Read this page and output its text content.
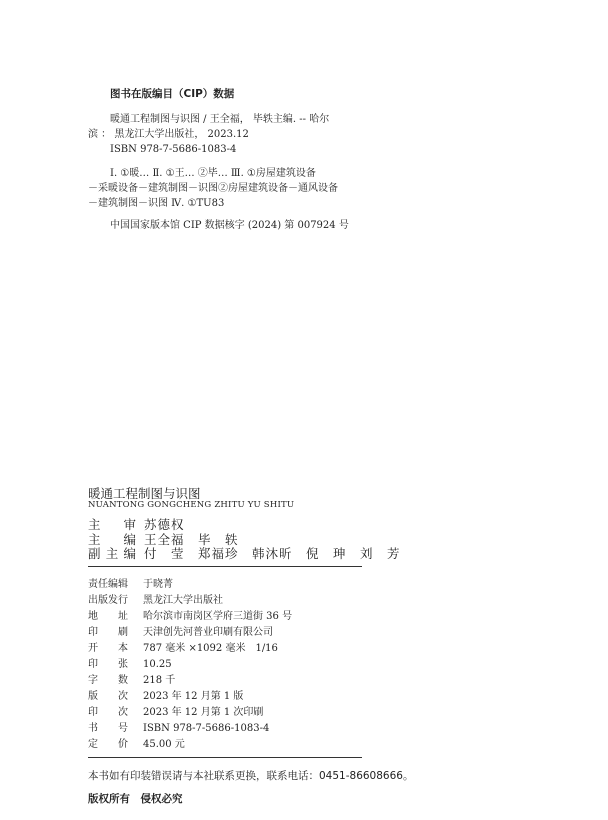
图书在版编目（CIP）数据
暖通工程制图与识图 / 王全福， 毕轶主编. -- 哈尔
滨 ： 黑龙江大学出版社， 2023.12
ISBN 978-7-5686-1083-4
Ⅰ. ①暖… Ⅱ. ①王… ②毕… Ⅲ. ①房屋建筑设备
－采暖设备－建筑制图－识图②房屋建筑设备－通风设备
－建筑制图－识图 Ⅳ. ①TU83
中国国家版本馆 CIP 数据核字 (2024) 第 007924 号
暖通工程制图与识图
NUANTONG GONGCHENG ZHITU YU SHITU
主审 苏德权
主编 王全福　毕　轶
副主编 付　莹　郑福珍　韩沐昕　倪　珅　刘　芳
责任编辑 于晓菁
出版发行 黑龙江大学出版社
地址 哈尔滨市南岗区学府三道街 36 号
印刷 天津创先河普业印刷有限公司
开本 787 毫米 ×1092 毫米　1/16
印张 10.25
字数 218 千
版次 2023 年 12 月第 1 版
印次 2023 年 12 月第 1 次印刷
书号 ISBN 978-7-5686-1083-4
定价 45.00 元
本书如有印装错误请与本社联系更换，联系电话：0451-86608666。
版权所有　侵权必究
